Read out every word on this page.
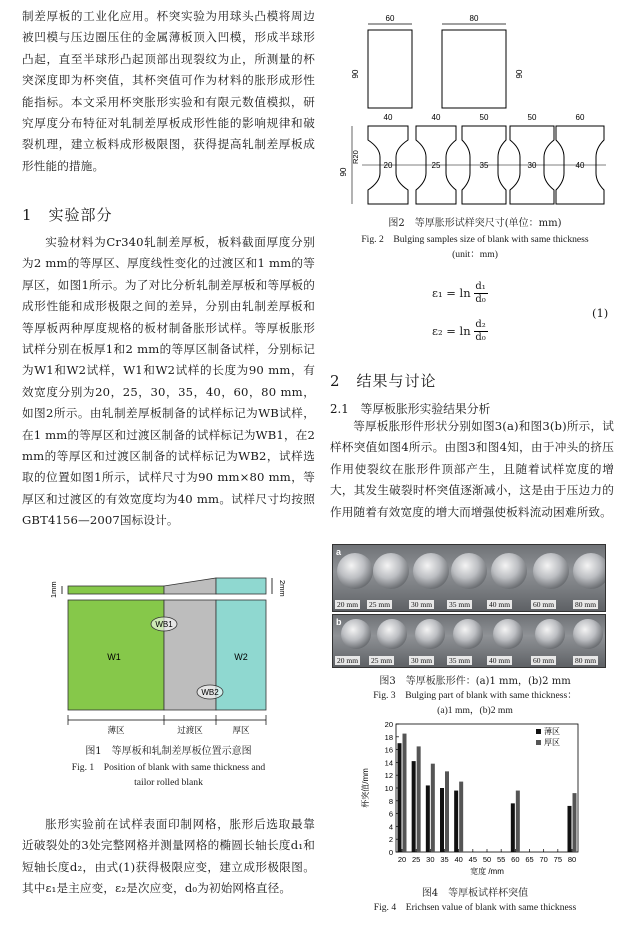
制差厚板的工业化应用。杯突实验为用球头凸模将周边被凹模与压边圈压住的金属薄板顶入凹模，形成半球形凸起，直至半球形凸起顶部出现裂纹为止，所测量的杯突深度即为杯突值，其杯突值可作为材料的胀形成形性能指标。本文采用杯突胀形实验和有限元数值模拟，研究厚度分布特征对轧制差厚板成形性能的影响规律和破裂机理，建立板料成形极限图，获得提高轧制差厚板成形性能的措施。

1　实验部分

实验材料为Cr340轧制差厚板，板料截面厚度分别为2 mm的等厚区、厚度线性变化的过渡区和1 mm的等厚区，如图1所示。为了对比分析轧制差厚板和等厚板的成形性能和成形极限之间的差异，分别由轧制差厚板和等厚板两种厚度规格的板材制备胀形试样。等厚板胀形试样分别在板厚1和2 mm的等厚区制备试样，分别标记为W1和W2试样，W1和W2试样的长度为90 mm，有效宽度分别为20，25，30，35，40，60，80 mm，如图2所示。由轧制差厚板制备的试样标记为WB试样，在1 mm的等厚区和过渡区制备的试样标记为WB1，在2 mm的等厚区和过渡区制备的试样标记为WB2，试样选取的位置如图1所示，试样尺寸为90 mm×80 mm，等厚区和过渡区的有效宽度均为40 mm。试样尺寸均按照GBT4156—2007国标设计。

1mm	2mm
WB1
WB2
W1	W2
薄区	过渡区	厚区
图1　等厚板和轧制差厚板位置示意图
Fig. 1　Position of blank with same thickness and
tailor rolled blank

胀形实验前在试样表面印制网格，胀形后选取最靠近破裂处的3处完整网格并测量网格的椭圆长轴长度d₁和短轴长度d₂，由式(1)获得极限应变，建立成形极限图。其中ε₁是主应变，ε₂是次应变，d₀为初始网格直径。

60
90
80
90
R20
90
40	40	50	50	60
20	25	35	30	40
图2　等厚胀形试样突尺寸(单位：mm)
Fig. 2　Bulging samples size of blank with same thickness
(unit：mm)
ε₁ = ln d₁
d₀
ε₂ = ln d₂
d₀
(1)
2　结果与讨论
2.1　等厚板胀形实验结果分析

等厚板胀形件形状分别如图3(a)和图3(b)所示，试样杯突值如图4所示。由图3和图4知，由于冲头的挤压作用使裂纹在胀形件顶部产生，且随着试样宽度的增大，其发生破裂时杯突值逐渐减小，这是由于压边力的作用随着有效宽度的增大而增强使板料流动困难所致。

a
20 mm 25 mm	30 mm 35 mm	40 mm	60 mm	80 mm
b
20 mm 25 mm	30 mm 35 mm	40 mm	60 mm	80 mm
图3　等厚板胀形件：(a)1 mm，(b)2 mm
Fig. 3　Bulging part of blank with same thickness：
(a)1 mm，(b)2 mm
0
2
4
6
8
10
12
14
16
18
20
20 25 30 35 40 45 50 55 60 65 70 75 80
宽度 /mm
杯突值/mm
薄区
厚区
图4　等厚板试样杯突值
Fig. 4　Erichsen value of blank with same thickness
